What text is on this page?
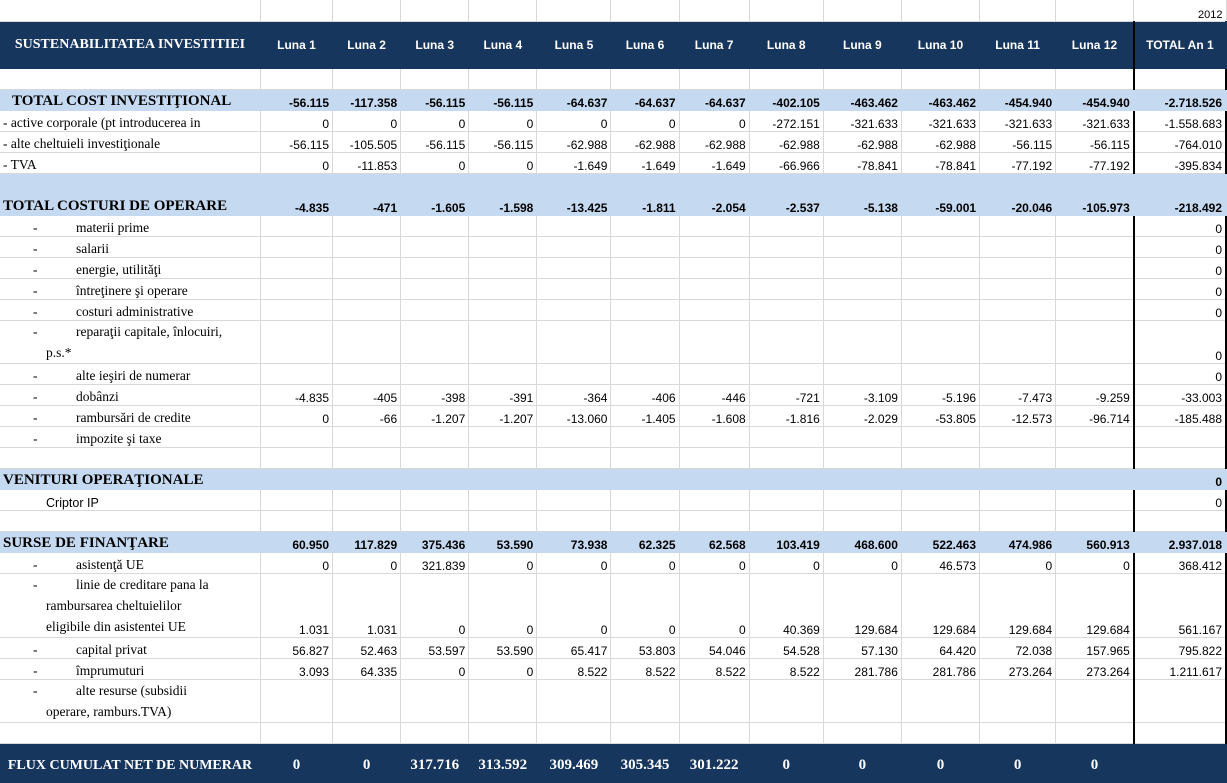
													2012
SUSTENABILITATEA INVESTITIEI	Luna 1	Luna 2	Luna 3	Luna 4	Luna 5	Luna 6	Luna 7	Luna 8	Luna 9	Luna 10	Luna 11	Luna 12	TOTAL An 1

TOTAL COST INVESTIŢIONAL	-56.115	-117.358	-56.115	-56.115	-64.637	-64.637	-64.637	-402.105	-463.462	-463.462	-454.940	-454.940	-2.718.526
- active corporale (pt introducerea in	0	0	0	0	0	0	0	-272.151	-321.633	-321.633	-321.633	-321.633	-1.558.683
- alte cheltuieli investiţionale	-56.115	-105.505	-56.115	-56.115	-62.988	-62.988	-62.988	-62.988	-62.988	-62.988	-56.115	-56.115	-764.010
- TVA	0	-11.853	0	0	-1.649	-1.649	-1.649	-66.966	-78.841	-78.841	-77.192	-77.192	-395.834

TOTAL COSTURI DE OPERARE	-4.835	-471	-1.605	-1.598	-13.425	-1.811	-2.054	-2.537	-5.138	-59.001	-20.046	-105.973	-218.492
- materii prime													0
- salarii													0
- energie, utilităţi													0
- întreţinere şi operare													0
- costuri administrative													0
- reparaţii capitale, înlocuiri,
p.s.*													0
- alte ieşiri de numerar													0
- dobânzi	-4.835	-405	-398	-391	-364	-406	-446	-721	-3.109	-5.196	-7.473	-9.259	-33.003
- rambursări de credite	0	-66	-1.207	-1.207	-13.060	-1.405	-1.608	-1.816	-2.029	-53.805	-12.573	-96.714	-185.488
- impozite şi taxe													

VENITURI OPERAŢIONALE													0
Criptor IP													0

SURSE DE FINANŢARE	60.950	117.829	375.436	53.590	73.938	62.325	62.568	103.419	468.600	522.463	474.986	560.913	2.937.018
- asistenţă UE	0	0	321.839	0	0	0	0	0	0	46.573	0	0	368.412
- linie de creditare pana la
rambursarea cheltuielilor
eligibile din asistentei UE	1.031	1.031	0	0	0	0	0	40.369	129.684	129.684	129.684	129.684	561.167
- capital privat	56.827	52.463	53.597	53.590	65.417	53.803	54.046	54.528	57.130	64.420	72.038	157.965	795.822
- împrumuturi	3.093	64.335	0	0	8.522	8.522	8.522	8.522	281.786	281.786	273.264	273.264	1.211.617
- alte resurse (subsidii
operare, ramburs.TVA)													

FLUX CUMULAT NET DE NUMERAR	0	0	317.716	313.592	309.469	305.345	301.222	0	0	0	0	0	
